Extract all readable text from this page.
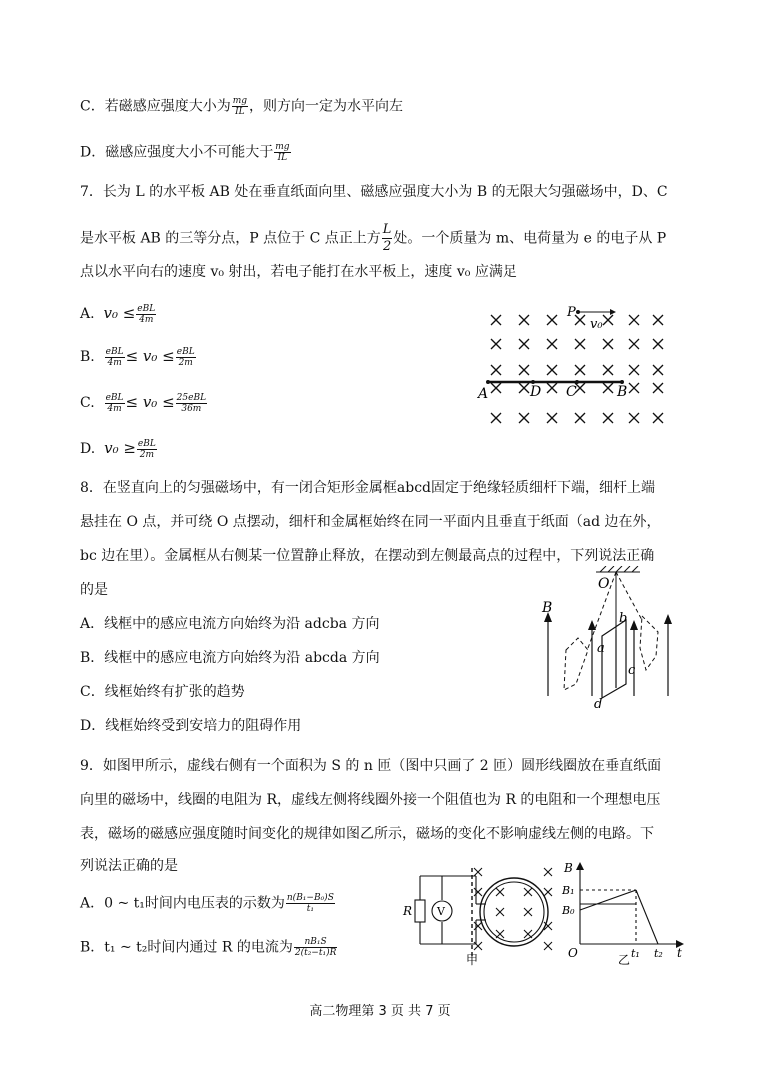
C．若磁感应强度大小为 $\frac{mg}{IL}$ ，则方向一定为水平向左
D．磁感应强度大小不可能大于 $\frac{mg}{IL}$
7．长为 L 的水平板 AB 处在垂直纸面向里、磁感应强度大小为 B 的无限大匀强磁场中，D、C
是水平板 AB 的三等分点，P 点位于 C 点正上方 $\frac{L}{2}$ 处。一个质量为 m、电荷量为 e 的电子从 P
点以水平向右的速度 v₀ 射出，若电子能打在水平板上，速度 v₀ 应满足
A. $v_0 \le \frac{\text{eBL}}{4m}$
B. $\frac{\text{eBL}}{4m} \le v_0 \le \frac{\text{eBL}}{2m}$
C. $\frac{\text{eBL}}{4m} \le v_0 \le \frac{\text{25eBL}}{36m}$
D. $v_0 \ge \frac{\text{eBL}}{2m}$
A	D C	B
P
v₀
8．在竖直向上的匀强磁场中，有一闭合矩形金属框abcd固定于绝缘轻质细杆下端，细杆上端
悬挂在 O 点，并可绕 O 点摆动，细杆和金属框始终在同一平面内且垂直于纸面（ad 边在外，
bc 边在里）。金属框从右侧某一位置静止释放，在摆动到左侧最高点的过程中，下列说法正确
的是
A．线框中的感应电流方向始终为沿 adcba 方向
B．线框中的感应电流方向始终为沿 abcda 方向
C．线框始终有扩张的趋势
D．线框始终受到安培力的阻碍作用
O
B
b
a
c
d
9．如图甲所示，虚线右侧有一个面积为 S 的 n 匝（图中只画了 2 匝）圆形线圈放在垂直纸面
向里的磁场中，线圈的电阻为 R，虚线左侧将线圈外接一个阻值也为 R 的电阻和一个理想电压
表，磁场的磁感应强度随时间变化的规律如图乙所示，磁场的变化不影响虚线左侧的电路。下
列说法正确的是
A．0 ~ t₁时间内电压表的示数为 $\frac{\text{n(B₁−B₀)S}}{\text{t₁}}$
B．t₁ ~ t₂时间内通过 R 的电流为 $\frac{\text{nB₁S}}{\text{2(t₂−t₁)R}}$
R V
甲
B
B₁
B₀
O	t₁ t₂ t
乙
高二物理第 3 页 共 7 页
